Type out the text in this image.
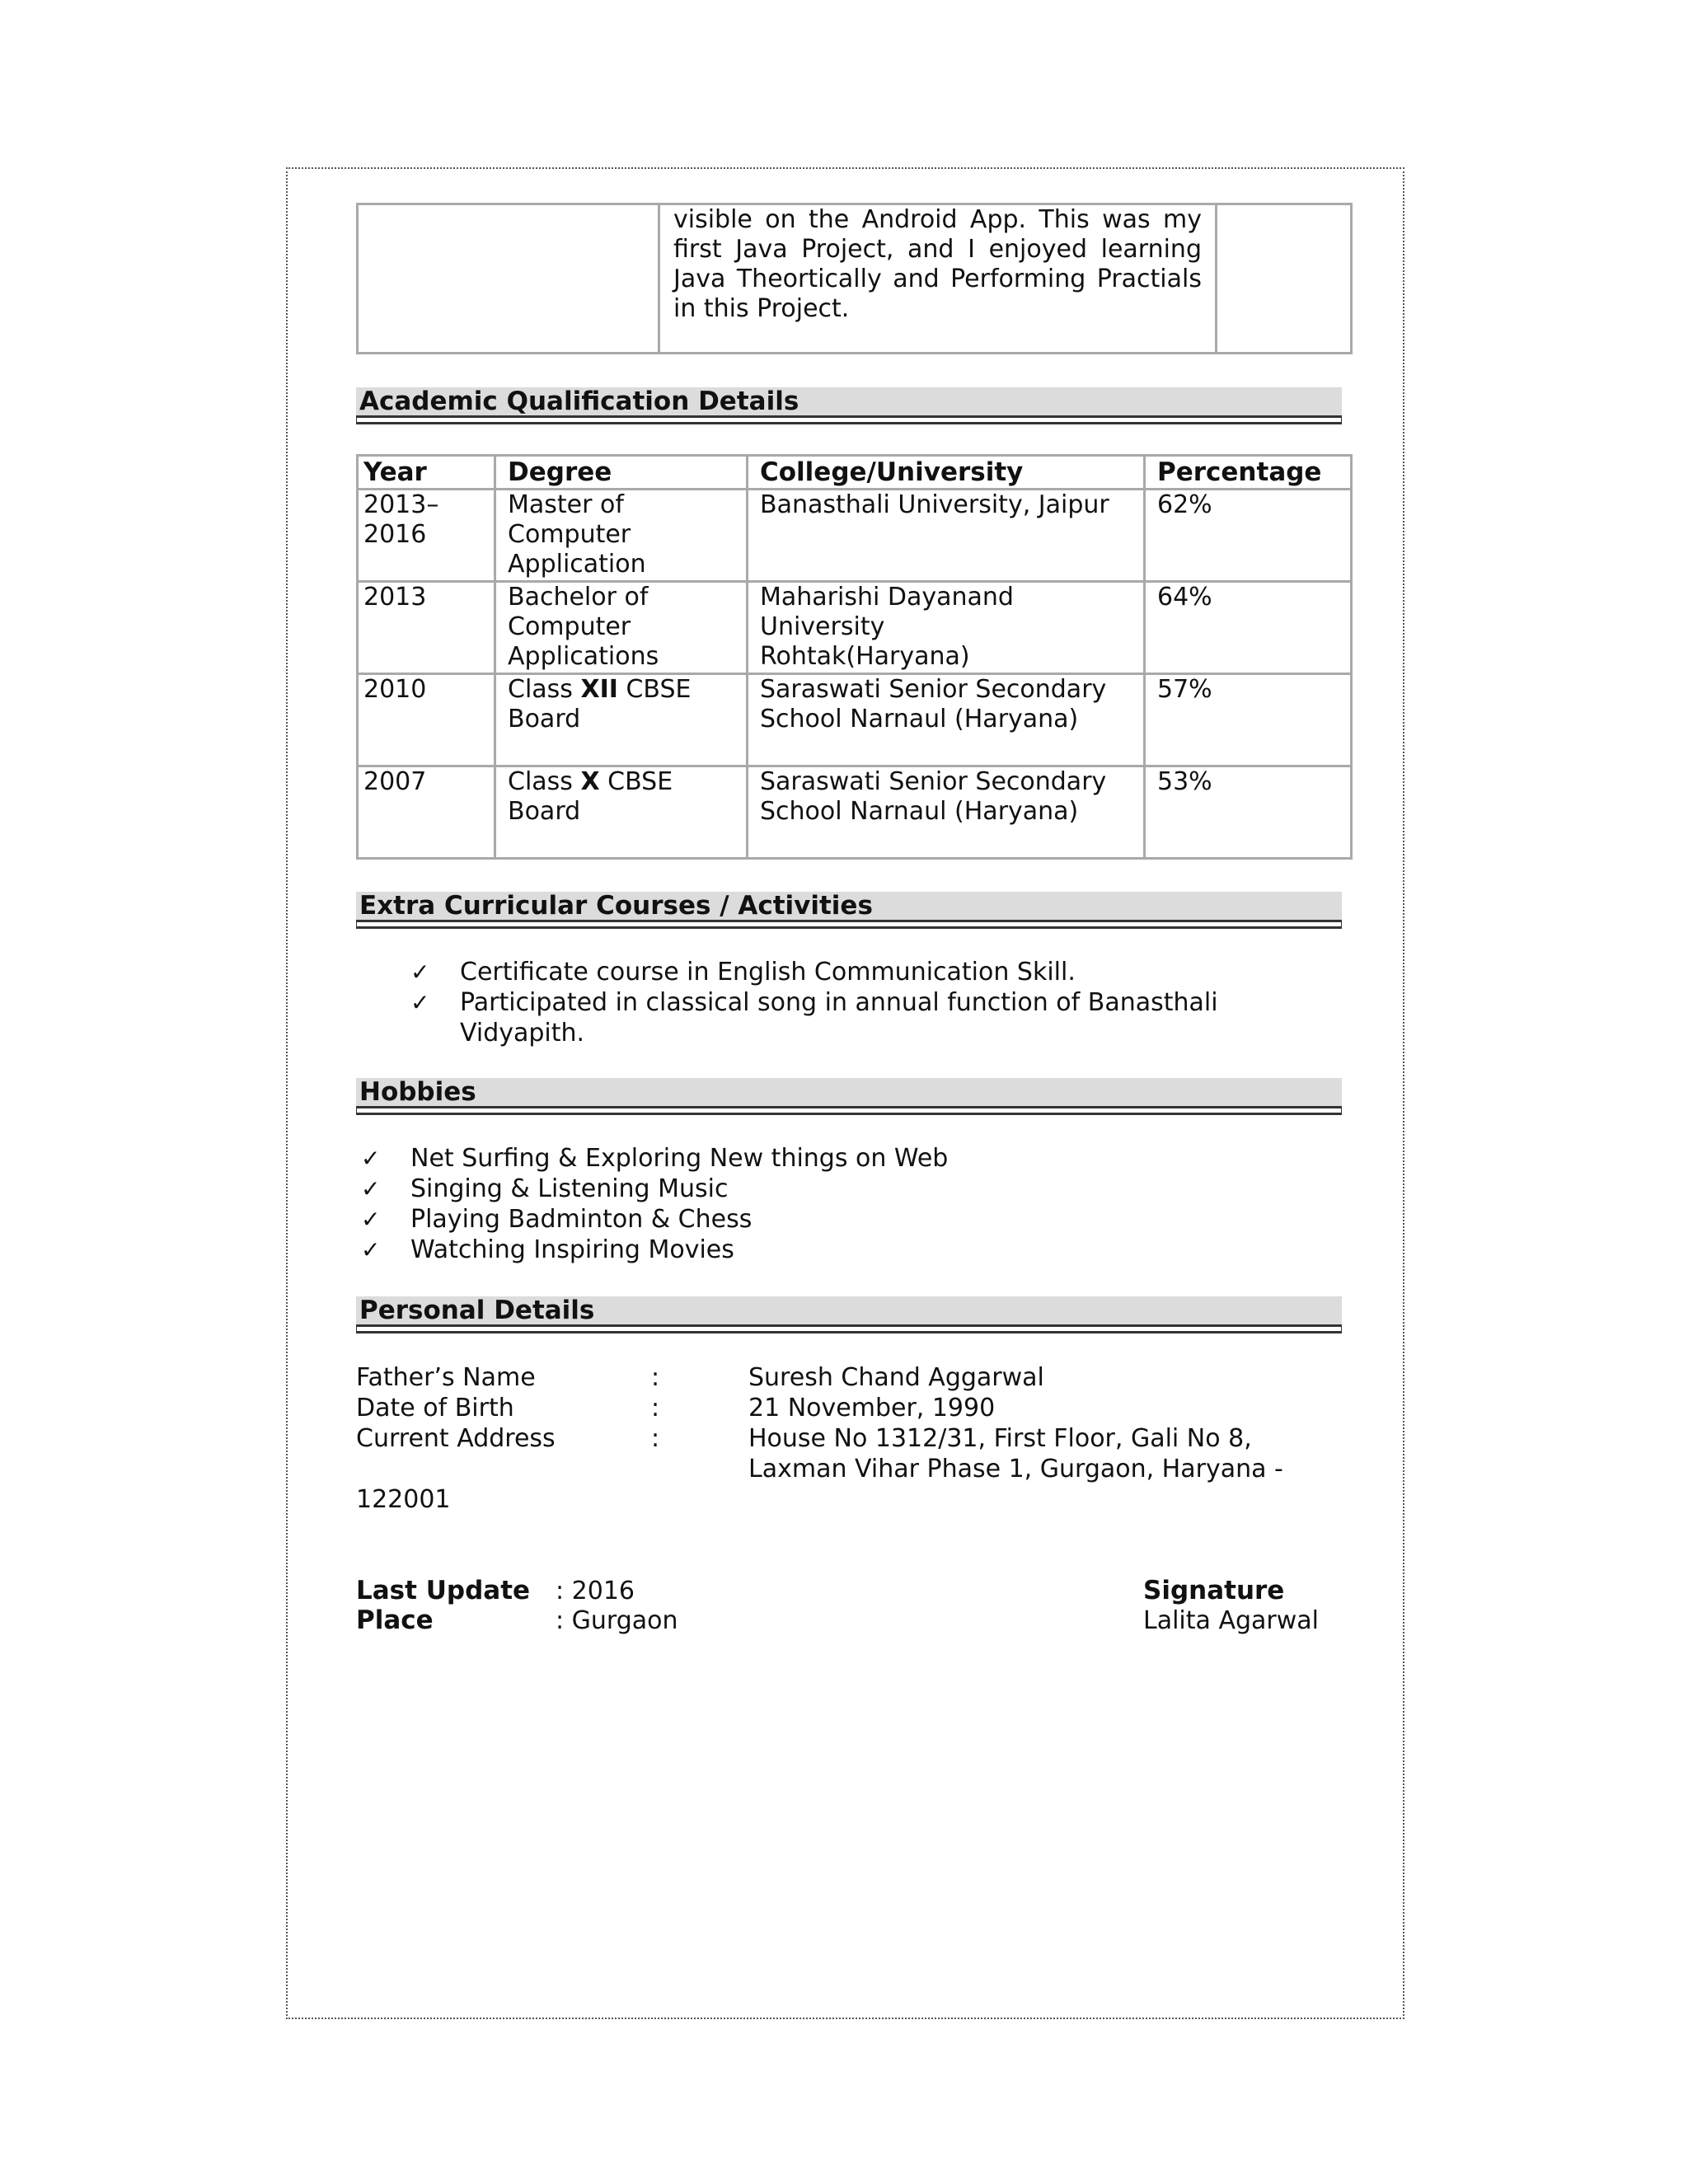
	visible on the Android App. This was my first Java Project, and I enjoyed learning Java Theortically and Performing Practials in this Project.	
Academic Qualification Details
Year	Degree	College/University	Percentage

2013–2016	Master of Computer Application	Banasthali University, Jaipur	62%
2013	Bachelor of Computer Applications	Maharishi Dayanand University Rohtak(Haryana)	64%
2010	Class XII CBSE Board	Saraswati Senior Secondary School Narnaul (Haryana)	57%
2007	Class X CBSE Board	Saraswati Senior Secondary School Narnaul (Haryana)	53%
Extra Curricular Courses / Activities
✓ Certificate course in English Communication Skill.
✓ Participated in classical song in annual function of Banasthali Vidyapith.
Hobbies
✓ Net Surfing & Exploring New things on Web
✓ Singing & Listening Music
✓ Playing Badminton & Chess
✓ Watching Inspiring Movies
Personal Details
Father’s Name	:	Suresh Chand Aggarwal
Date of Birth	:	21 November, 1990
Current Address	:	House No 1312/31, First Floor, Gali No 8, Laxman Vihar Phase 1, Gurgaon, Haryana -
122001
Last Update : 2016
Place	: Gurgaon
Signature
Lalita Agarwal
